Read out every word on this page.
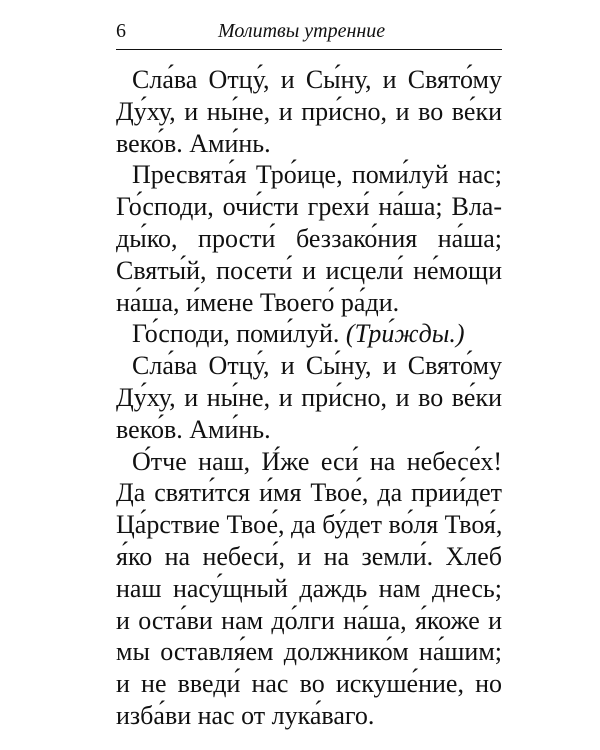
6	Молитвы утренние
Сла́ва Отцу́, и Сы́ну, и Свято́му
Ду́ху, и ны́не, и при́сно, и во ве́ки
веко́в. Ами́нь.
Пресвята́я Тро́ице, поми́луй нас;
Го́споди, очи́сти грехи́ на́ша; Вла-
ды́ко, прости́ беззако́ния на́ша;
Святы́й, посети́ и исцели́ не́мощи
на́ша, и́мене Твоего́ ра́ди.
Го́споди, поми́луй. (Три́жды.)
Сла́ва Отцу́, и Сы́ну, и Свято́му
Ду́ху, и ны́не, и при́сно, и во ве́ки
веко́в. Ами́нь.
О́тче наш, И́же еси́ на небесе́х!
Да святи́тся и́мя Твое́, да прии́дет
Ца́рствие Твое́, да бу́дет во́ля Твоя́,
я́ко на небеси́, и на земли́. Хлеб
наш насу́щный даждь нам днесь;
и оста́ви нам до́лги на́ша, я́коже и
мы оставля́ем должнико́м на́шим;
и не введи́ нас во искуше́ние, но
изба́ви нас от лука́ваго.
